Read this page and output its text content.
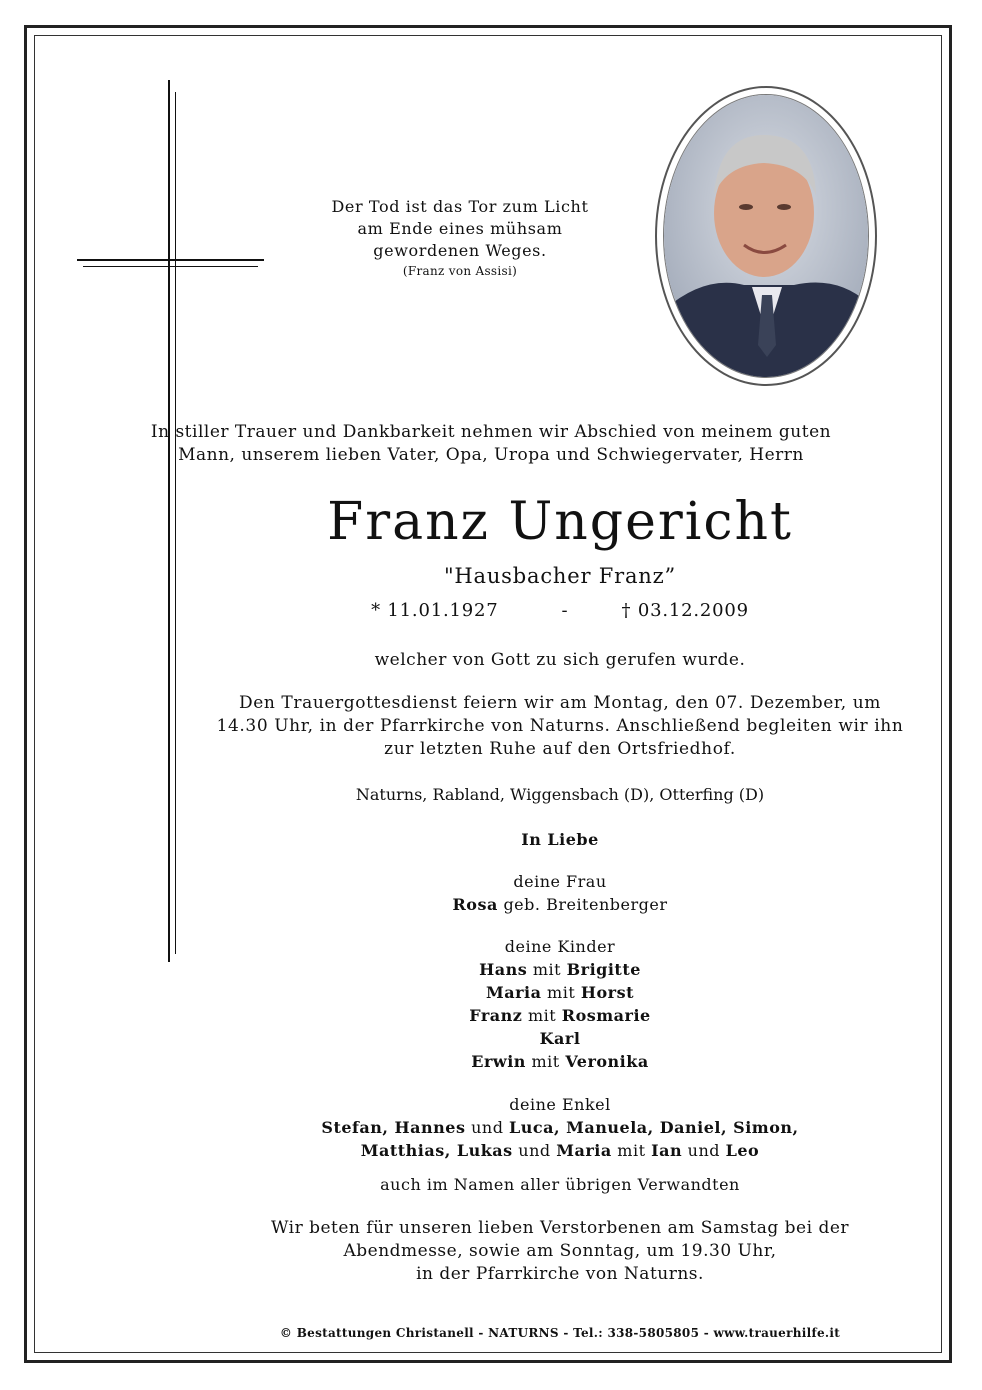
Der Tod ist das Tor zum Licht
am Ende eines mühsam
gewordenen Weges.
(Franz von Assisi)
In stiller Trauer und Dankbarkeit nehmen wir Abschied von meinem guten
Mann, unserem lieben Vater, Opa, Uropa und Schwiegervater, Herrn
Franz Ungericht
"Hausbacher Franz”
* 11.01.1927	-	† 03.12.2009
welcher von Gott zu sich gerufen wurde.
Den Trauergottesdienst feiern wir am Montag, den 07. Dezember, um
14.30 Uhr, in der Pfarrkirche von Naturns. Anschließend begleiten wir ihn
zur letzten Ruhe auf den Ortsfriedhof.
Naturns, Rabland, Wiggensbach (D), Otterfing (D)
In Liebe
deine Frau
Rosa geb. Breitenberger
deine Kinder
Hans mit Brigitte
Maria mit Horst
Franz mit Rosmarie
Karl
Erwin mit Veronika
deine Enkel
Stefan, Hannes und Luca, Manuela, Daniel, Simon,
Matthias, Lukas und Maria mit Ian und Leo
auch im Namen aller übrigen Verwandten
Wir beten für unseren lieben Verstorbenen am Samstag bei der
Abendmesse, sowie am Sonntag, um 19.30 Uhr,
in der Pfarrkirche von Naturns.
© Bestattungen Christanell - NATURNS - Tel.: 338-5805805 - www.trauerhilfe.it
